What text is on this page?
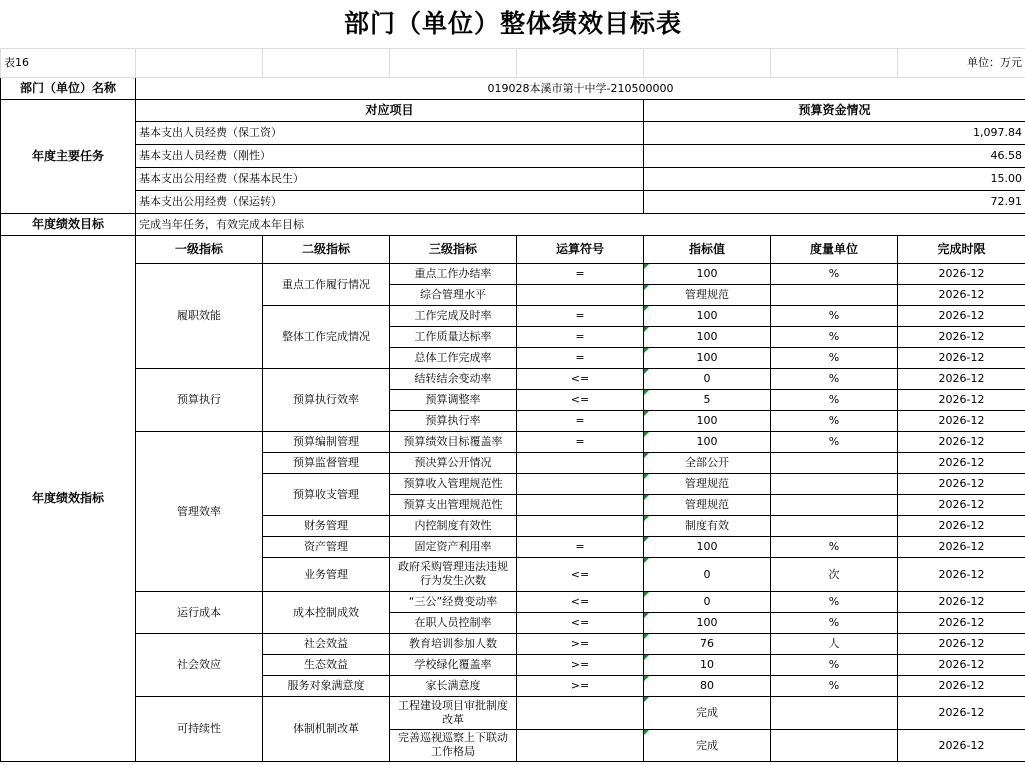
部门（单位）整体绩效目标表							
表16							单位：万元
部门（单位）名称	019028本溪市第十中学-210500000						
年度主要任务	对应项目				预算资金情况		
	基本支出人员经费（保工资）				1,097.84		
	基本支出人员经费（刚性）				46.58		
	基本支出公用经费（保基本民生）				15.00		
	基本支出公用经费（保运转）				72.91		
年度绩效目标	完成当年任务，有效完成本年目标						
年度绩效指标	一级指标	二级指标	三级指标	运算符号	指标值	度量单位	完成时限
	履职效能	重点工作履行情况	重点工作办结率	=	100	%	2026-12
			综合管理水平		管理规范		2026-12
		整体工作完成情况	工作完成及时率	=	100	%	2026-12
			工作质量达标率	=	100	%	2026-12
			总体工作完成率	=	100	%	2026-12
	预算执行	预算执行效率	结转结余变动率	<=	0	%	2026-12
			预算调整率	<=	5	%	2026-12
			预算执行率	=	100	%	2026-12
	管理效率	预算编制管理	预算绩效目标覆盖率	=	100	%	2026-12
		预算监督管理	预决算公开情况		全部公开		2026-12
		预算收支管理	预算收入管理规范性		管理规范		2026-12
			预算支出管理规范性		管理规范		2026-12
		财务管理	内控制度有效性		制度有效		2026-12
		资产管理	固定资产利用率	=	100	%	2026-12
		业务管理	政府采购管理违法违规行为发生次数	<=	0	次	2026-12
	运行成本	成本控制成效	“三公”经费变动率	<=	0	%	2026-12
			在职人员控制率	<=	100	%	2026-12
	社会效应	社会效益	教育培训参加人数	>=	76	人	2026-12
		生态效益	学校绿化覆盖率	>=	10	%	2026-12
		服务对象满意度	家长满意度	>=	80	%	2026-12
	可持续性	体制机制改革	工程建设项目审批制度改革		完成		2026-12
			完善巡视巡察上下联动工作格局		完成		2026-12
